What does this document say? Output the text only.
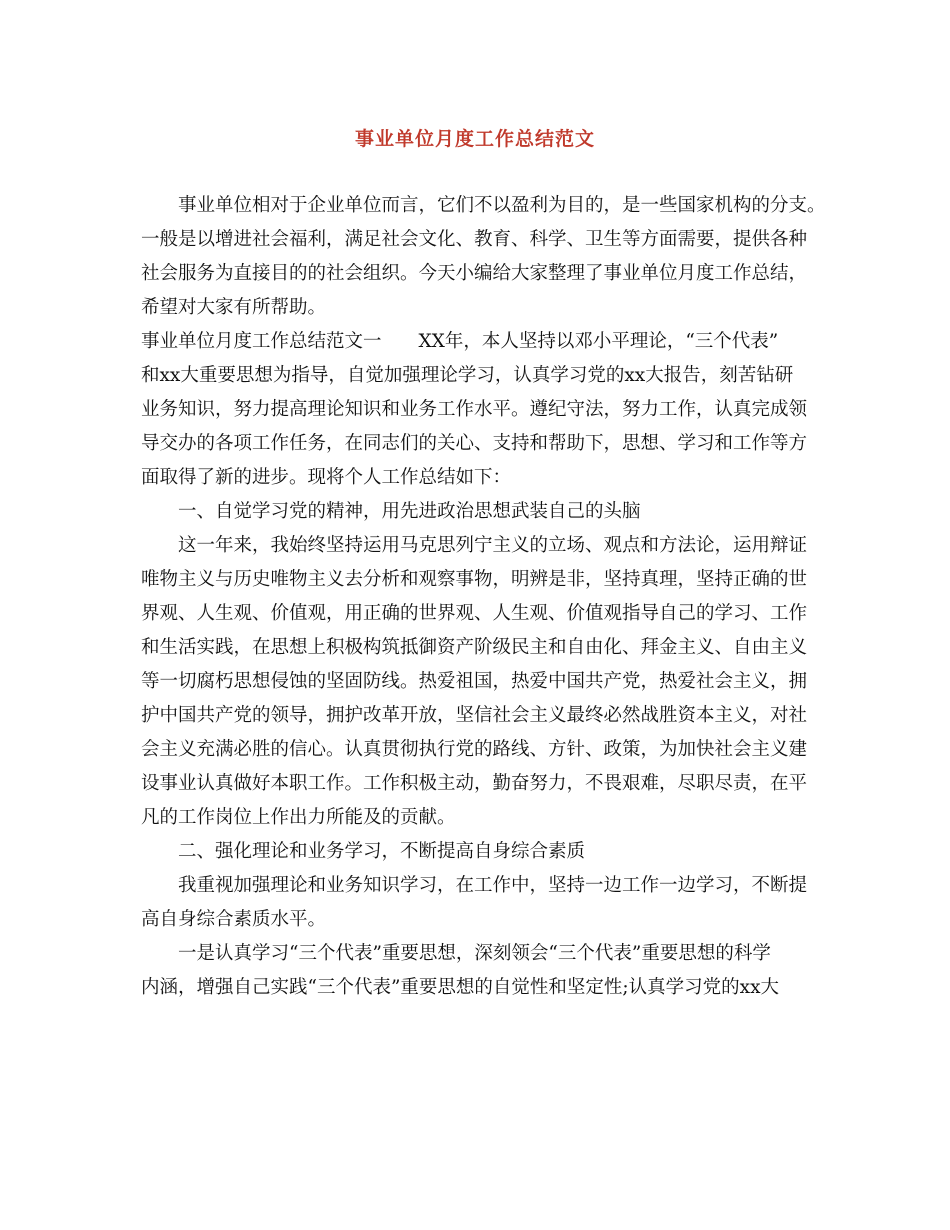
事业单位月度工作总结范文
事业单位相对于企业单位而言，它们不以盈利为目的，是一些国家机构的分支。
一般是以增进社会福利，满足社会文化、教育、科学、卫生等方面需要，提供各种
社会服务为直接目的的社会组织。今天小编给大家整理了事业单位月度工作总结，
希望对大家有所帮助。
事业单位月度工作总结范文一　　XX年，本人坚持以邓小平理论，“三个代表”
和xx大重要思想为指导，自觉加强理论学习，认真学习党的xx大报告，刻苦钻研
业务知识，努力提高理论知识和业务工作水平。遵纪守法，努力工作，认真完成领
导交办的各项工作任务，在同志们的关心、支持和帮助下，思想、学习和工作等方
面取得了新的进步。现将个人工作总结如下：
一、自觉学习党的精神，用先进政治思想武装自己的头脑
这一年来，我始终坚持运用马克思列宁主义的立场、观点和方法论，运用辩证
唯物主义与历史唯物主义去分析和观察事物，明辨是非，坚持真理，坚持正确的世
界观、人生观、价值观，用正确的世界观、人生观、价值观指导自己的学习、工作
和生活实践，在思想上积极构筑抵御资产阶级民主和自由化、拜金主义、自由主义
等一切腐朽思想侵蚀的坚固防线。热爱祖国，热爱中国共产党，热爱社会主义，拥
护中国共产党的领导，拥护改革开放，坚信社会主义最终必然战胜资本主义，对社
会主义充满必胜的信心。认真贯彻执行党的路线、方针、政策，为加快社会主义建
设事业认真做好本职工作。工作积极主动，勤奋努力，不畏艰难，尽职尽责，在平
凡的工作岗位上作出力所能及的贡献。
二、强化理论和业务学习，不断提高自身综合素质
我重视加强理论和业务知识学习，在工作中，坚持一边工作一边学习，不断提
高自身综合素质水平。
一是认真学习“三个代表”重要思想，深刻领会“三个代表”重要思想的科学
内涵，增强自己实践“三个代表”重要思想的自觉性和坚定性;认真学习党的xx大
